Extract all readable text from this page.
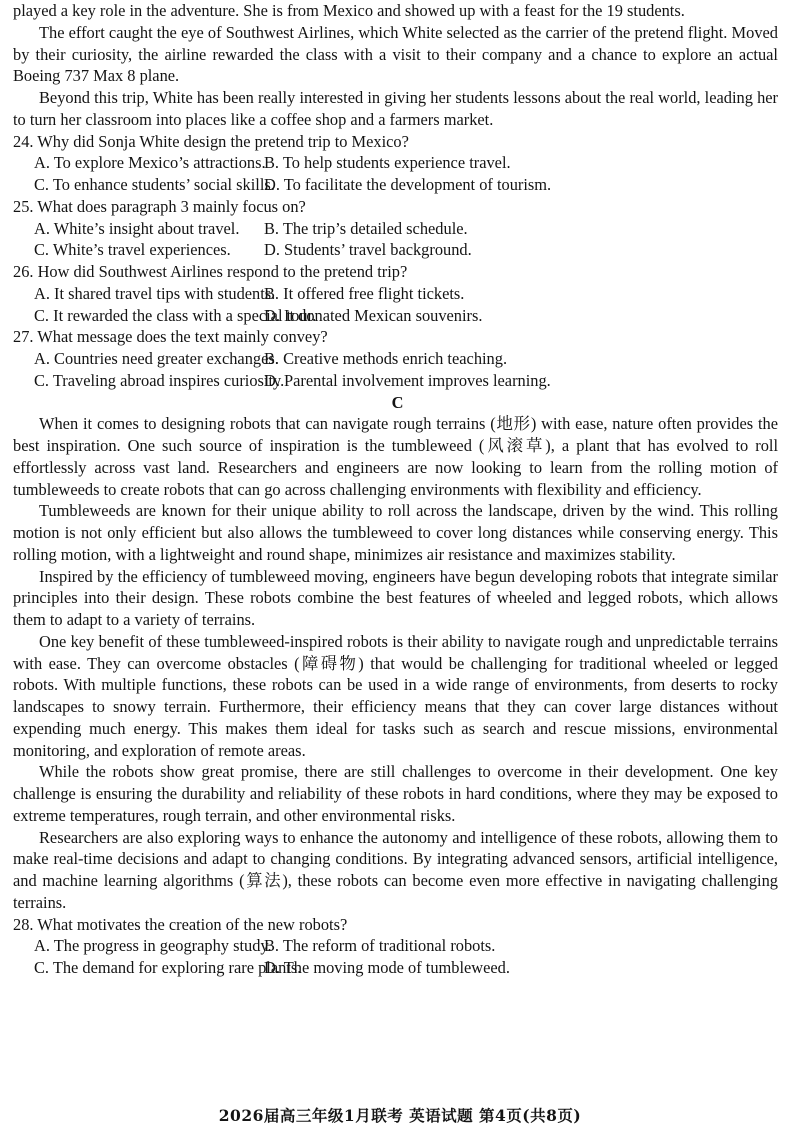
played a key role in the adventure. She is from Mexico and showed up with a feast for the 19 students.

The effort caught the eye of Southwest Airlines, which White selected as the carrier of the pretend flight. Moved by their curiosity, the airline rewarded the class with a visit to their company and a chance to explore an actual Boeing 737 Max 8 plane.

Beyond this trip, White has been really interested in giving her students lessons about the real world, leading her to turn her classroom into places like a coffee shop and a farmers market.

24. Why did Sonja White design the pretend trip to Mexico?

A. To explore Mexico’s attractions.
B. To help students experience travel.
C. To enhance students’ social skills.
D. To facilitate the development of tourism.

25. What does paragraph 3 mainly focus on?

A. White’s insight about travel.	B. The trip’s detailed schedule.
C. White’s travel experiences.	D. Students’ travel background.

26. How did Southwest Airlines respond to the pretend trip?

A. It shared travel tips with students.
B. It offered free flight tickets.
C. It rewarded the class with a special tour.
D. It donated Mexican souvenirs.

27. What message does the text mainly convey?

A. Countries need greater exchanges.
B. Creative methods enrich teaching.
C. Traveling abroad inspires curiosity.
D. Parental involvement improves learning.

C

When it comes to designing robots that can navigate rough terrains (地形) with ease, nature often provides the best inspiration. One such source of inspiration is the tumbleweed (风滚草), a plant that has evolved to roll effortlessly across vast land. Researchers and engineers are now looking to learn from the rolling motion of tumbleweeds to create robots that can go across challenging environments with flexibility and efficiency.

Tumbleweeds are known for their unique ability to roll across the landscape, driven by the wind. This rolling motion is not only efficient but also allows the tumbleweed to cover long distances while conserving energy. This rolling motion, with a lightweight and round shape, minimizes air resistance and maximizes stability.

Inspired by the efficiency of tumbleweed moving, engineers have begun developing robots that integrate similar principles into their design. These robots combine the best features of wheeled and legged robots, which allows them to adapt to a variety of terrains.

One key benefit of these tumbleweed-inspired robots is their ability to navigate rough and unpredictable terrains with ease. They can overcome obstacles (障碍物) that would be challenging for traditional wheeled or legged robots. With multiple functions, these robots can be used in a wide range of environments, from deserts to rocky landscapes to snowy terrain. Furthermore, their efficiency means that they can cover large distances without expending much energy. This makes them ideal for tasks such as search and rescue missions, environmental monitoring, and exploration of remote areas.

While the robots show great promise, there are still challenges to overcome in their development. One key challenge is ensuring the durability and reliability of these robots in hard conditions, where they may be exposed to extreme temperatures, rough terrain, and other environmental risks.

Researchers are also exploring ways to enhance the autonomy and intelligence of these robots, allowing them to make real-time decisions and adapt to changing conditions. By integrating advanced sensors, artificial intelligence, and machine learning algorithms (算法), these robots can become even more effective in navigating challenging terrains.

28. What motivates the creation of the new robots?

A. The progress in geography study.
B. The reform of traditional robots.
C. The demand for exploring rare plants.
D. The moving mode of tumbleweed.
2026届高三年级1月联考 英语试题 第4页(共8页)
